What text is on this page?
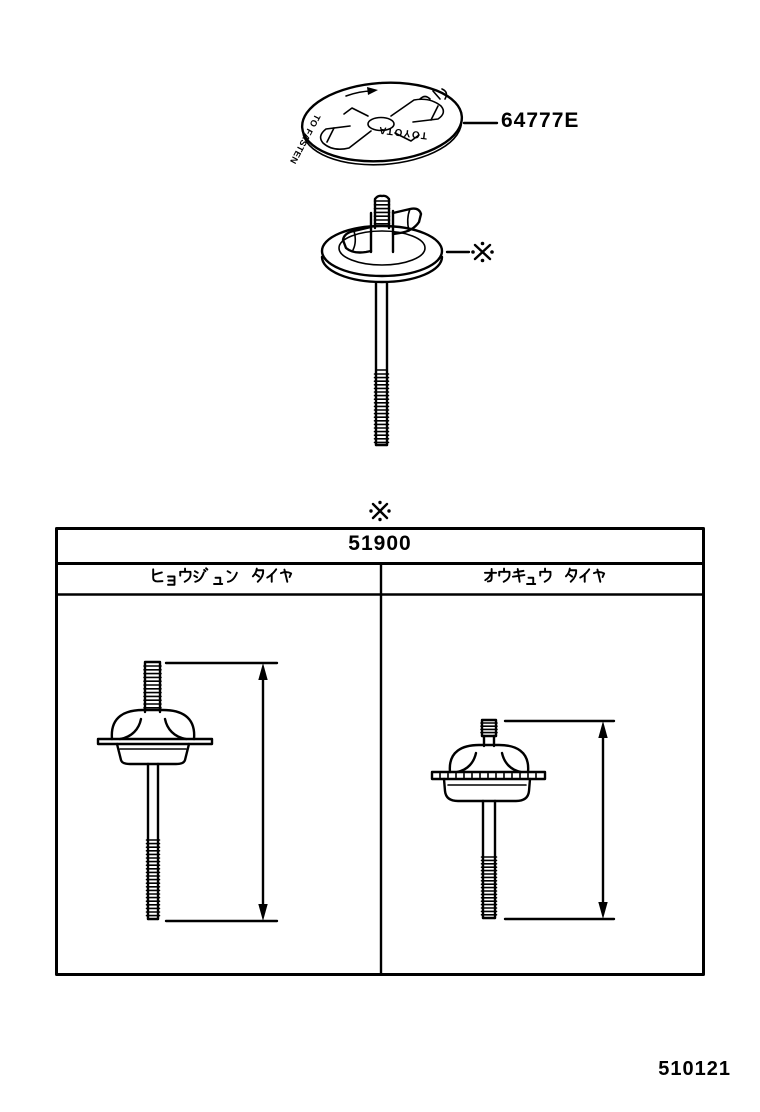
TO FASTEN	TOYOTA
64777E
51900
510121
